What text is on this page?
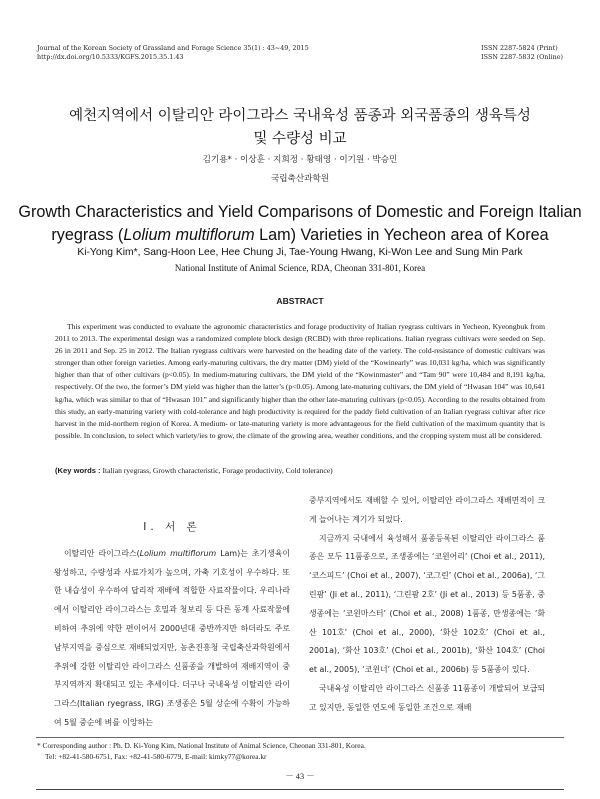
Journal of the Korean Society of Grassland and Forage Science 35(1) : 43~49, 2015
http://dx.doi.org/10.5333/KGFS.2015.35.1.43
ISSN 2287-5824 (Print)
ISSN 2287-5832 (Online)
예천지역에서 이탈리안 라이그라스 국내육성 품종과 외국품종의 생육특성
및 수량성 비교
김기용* · 이상훈 · 지희정 · 황태영 · 이기원 · 박승민
국립축산과학원
Growth Characteristics and Yield Comparisons of Domestic and Foreign Italian
ryegrass (Lolium multiflorum Lam) Varieties in Yecheon area of Korea
Ki-Yong Kim*, Sang-Hoon Lee, Hee Chung Ji, Tae-Young Hwang, Ki-Won Lee and Sung Min Park
National Institute of Animal Science, RDA, Cheonan 331-801, Korea
ABSTRACT

This experiment was conducted to evaluate the agronomic characteristics and forage productivity of Italian ryegrass cultivars in Yecheon, Kyeongbuk from 2011 to 2013. The experimental design was a randomized complete block design (RCBD) with three replications. Italian ryegrass cultivars were seeded on Sep. 26 in 2011 and Sep. 25 in 2012. The Italian ryegrass cultivars were harvested on the heading date of the variety. The cold-resistance of domestic cultivars was stronger than other foreign varieties. Among early-maturing cultivars, the dry matter (DM) yield of the “Kowinearly” was 10,031 kg/ha, which was significantly higher than that of other cultivars (p<0.05). In medium-maturing cultivars, the DM yield of the “Kowinmaster” and “Tam 90” were 10,484 and 8,191 kg/ha, respectively. Of the two, the former’s DM yield was higher than the latter’s (p<0.05). Among late-maturing cultivars, the DM yield of “Hwasan 104” was 10,641 kg/ha, which was similar to that of “Hwasan 101” and significantly higher than the other late-maturing cultivars (p<0.05). According to the results obtained from this study, an early-maturing variety with cold-tolerance and high productivity is required for the paddy field cultivation of an Italian ryegrass cultivar after rice harvest in the mid-northern region of Korea. A medium- or late-maturing variety is more advantageous for the field cultivation of the maximum quantity that is possible. In conclusion, to select which variety/ies to grow, the climate of the growing area, weather conditions, and the cropping system must all be considered.

(Key words : Italian ryegrass, Growth characteristic, Forage productivity, Cold tolerance)

Ⅰ. 서 론

이탈리안 라이그라스(Lolium multiflorum Lam)는 초기생육이 왕성하고, 수량성과 사료가치가 높으며, 가축 기호성이 우수하다. 또한 내습성이 우수하여 답리작 재배에 적합한 사료작물이다. 우리나라에서 이탈리안 라이그라스는 호밀과 청보리 등 다른 동계 사료작물에 비하여 추위에 약한 편이어서 2000년대 중반까지만 하더라도 주로 남부지역을 중심으로 재배되었지만, 농촌진흥청 국립축산과학원에서 추위에 강한 이탈리안 라이그라스 신품종을 개발하여 재배지역이 중부지역까지 확대되고 있는 추세이다. 더구나 국내육성 이탈리안 라이그라스(Italian ryegrass, IRG) 조생종은 5월 상순에 수확이 가능하여 5월 중순에 벼를 이앙하는

중부지역에서도 재배할 수 있어, 이탈리안 라이그라스 재배면적이 크게 늘어나는 계기가 되었다.

지금까지 국내에서 육성해서 품종등록된 이탈리안 라이그라스 품종은 모두 11품종으로, 조생종에는 ‘코윈어리’ (Choi et al., 2011), ‘코스피드’ (Choi et al., 2007), ‘코그린’ (Choi et al., 2006a), ‘그린팜’ (Ji et al., 2011), ‘그린팜 2호’ (Ji et al., 2013) 등 5품종, 중생종에는 ‘코윈마스터’ (Choi et al., 2008) 1품종, 만생종에는 ‘화산 101호’ (Choi et al., 2000), ‘화산 102호’ (Choi et al., 2001a), ‘화산 103호’ (Choi et al., 2001b), ‘화산 104호’ (Choi et al., 2005), ‘코윈너’ (Choi et al., 2006b) 등 5품종이 있다.

국내육성 이탈리안 라이그라스 신품종 11품종이 개발되어 보급되고 있지만, 동일한 연도에 동일한 조건으로 재배

* Corresponding author : Ph. D. Ki-Yong Kim, National Institute of Animal Science, Cheonan 331-801, Korea.
Tel: +82-41-580-6751, Fax: +82-41-580-6779, E-mail: kimky77@korea.kr
－ 43 －
